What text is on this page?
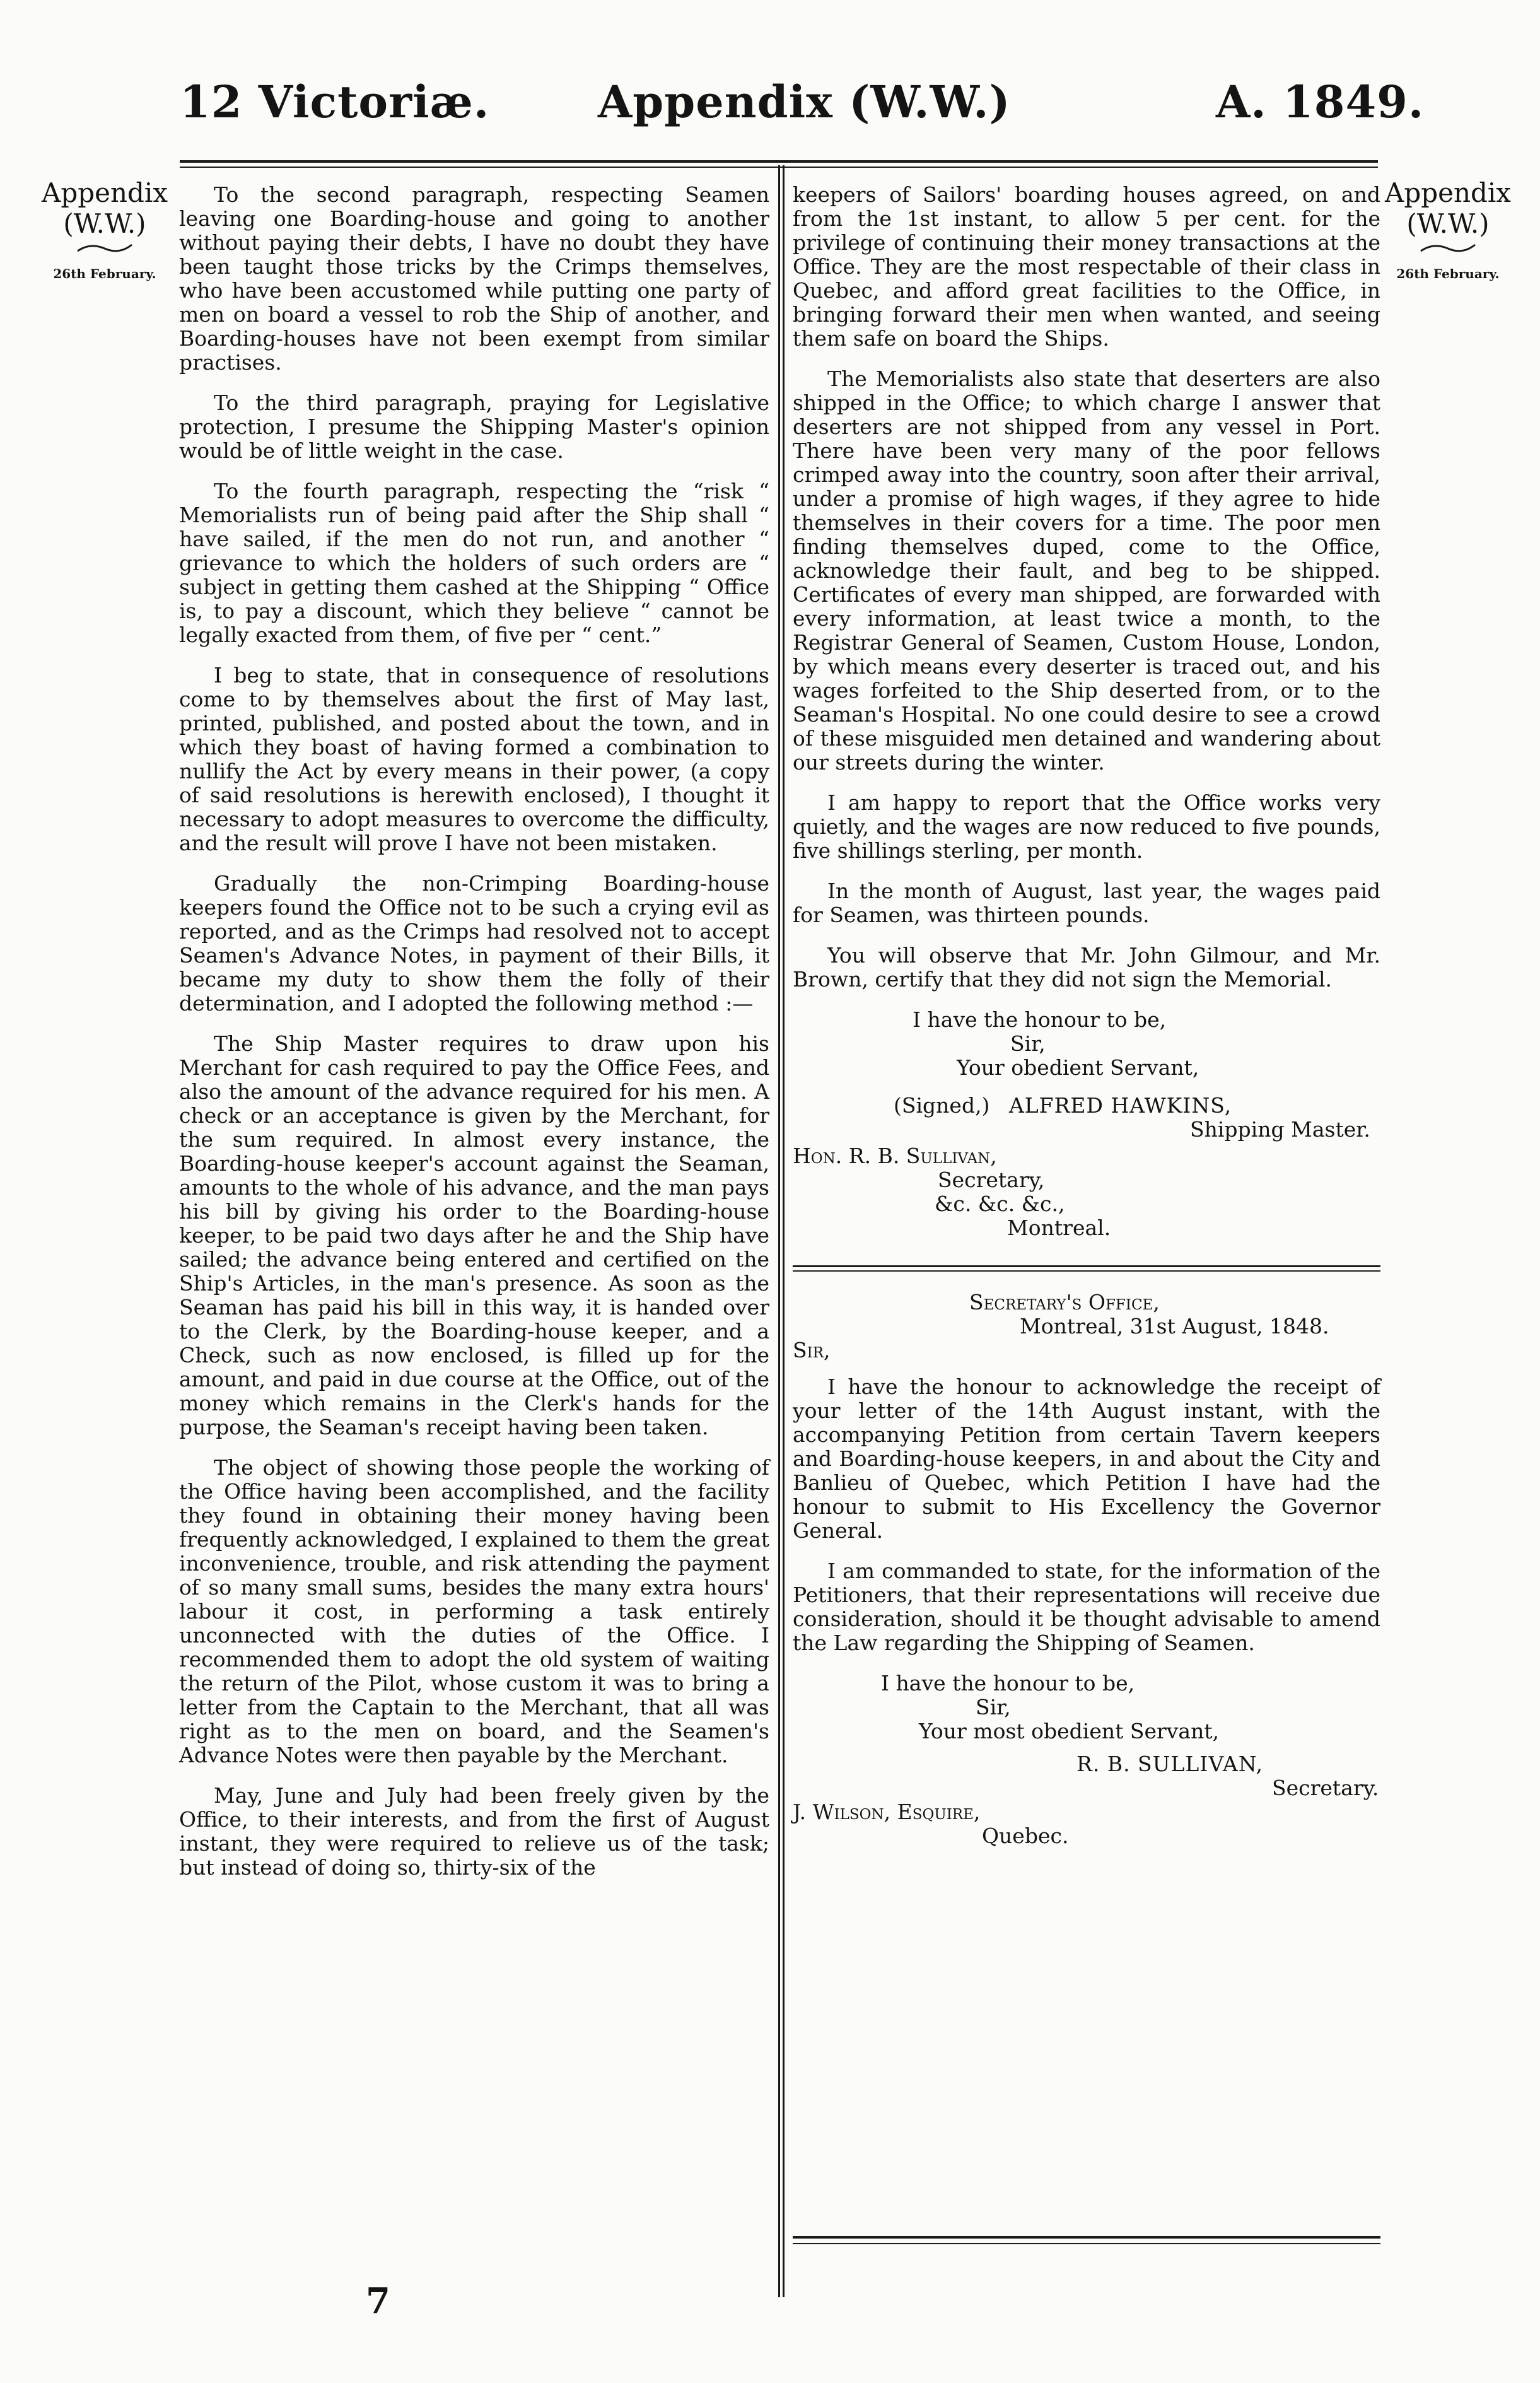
12 Victoriæ. Appendix (W.W.)	A. 1849.
Appendix
(W.W.)
26th February.
Appendix
(W.W.)
26th February.

To the second paragraph, respecting Seamen leaving one Boarding-house and going to another without paying their debts, I have no doubt they have been taught those tricks by the Crimps themselves, who have been accustomed while putting one party of men on board a vessel to rob the Ship of another, and Boarding-houses have not been exempt from similar practises.

To the third paragraph, praying for Legislative protection, I presume the Shipping Master's opinion would be of little weight in the case.

To the fourth paragraph, respecting the “risk “ Memorialists run of being paid after the Ship shall “ have sailed, if the men do not run, and another “ grievance to which the holders of such orders are “ subject in getting them cashed at the Shipping “ Office is, to pay a discount, which they believe “ cannot be legally exacted from them, of five per “ cent.”

I beg to state, that in consequence of resolutions come to by themselves about the first of May last, printed, published, and posted about the town, and in which they boast of having formed a combination to nullify the Act by every means in their power, (a copy of said resolutions is herewith enclosed), I thought it necessary to adopt measures to overcome the difficulty, and the result will prove I have not been mistaken.

Gradually the non-Crimping Boarding-house keepers found the Office not to be such a crying evil as reported, and as the Crimps had resolved not to accept Seamen's Advance Notes, in payment of their Bills, it became my duty to show them the folly of their determination, and I adopted the following method :—

The Ship Master requires to draw upon his Merchant for cash required to pay the Office Fees, and also the amount of the advance required for his men. A check or an acceptance is given by the Merchant, for the sum required. In almost every instance, the Boarding-house keeper's account against the Seaman, amounts to the whole of his advance, and the man pays his bill by giving his order to the Boarding-house keeper, to be paid two days after he and the Ship have sailed; the advance being entered and certified on the Ship's Articles, in the man's presence. As soon as the Seaman has paid his bill in this way, it is handed over to the Clerk, by the Boarding-house keeper, and a Check, such as now enclosed, is filled up for the amount, and paid in due course at the Office, out of the money which remains in the Clerk's hands for the purpose, the Seaman's receipt having been taken.

The object of showing those people the working of the Office having been accomplished, and the facility they found in obtaining their money having been frequently acknowledged, I explained to them the great inconvenience, trouble, and risk attending the payment of so many small sums, besides the many extra hours' labour it cost, in performing a task entirely unconnected with the duties of the Office. I recommended them to adopt the old system of waiting the return of the Pilot, whose custom it was to bring a letter from the Captain to the Merchant, that all was right as to the men on board, and the Seamen's Advance Notes were then payable by the Merchant.

May, June and July had been freely given by the Office, to their interests, and from the first of August instant, they were required to relieve us of the task; but instead of doing so, thirty-six of the

keepers of Sailors' boarding houses agreed, on and from the 1st instant, to allow 5 per cent. for the privilege of continuing their money transactions at the Office. They are the most respectable of their class in Quebec, and afford great facilities to the Office, in bringing forward their men when wanted, and seeing them safe on board the Ships.

The Memorialists also state that deserters are also shipped in the Office; to which charge I answer that deserters are not shipped from any vessel in Port. There have been very many of the poor fellows crimped away into the country, soon after their arrival, under a promise of high wages, if they agree to hide themselves in their covers for a time. The poor men finding themselves duped, come to the Office, acknowledge their fault, and beg to be shipped. Certificates of every man shipped, are forwarded with every information, at least twice a month, to the Registrar General of Seamen, Custom House, London, by which means every deserter is traced out, and his wages forfeited to the Ship deserted from, or to the Seaman's Hospital. No one could desire to see a crowd of these misguided men detained and wandering about our streets during the winter.

I am happy to report that the Office works very quietly, and the wages are now reduced to five pounds, five shillings sterling, per month.

In the month of August, last year, the wages paid for Seamen, was thirteen pounds.

You will observe that Mr. John Gilmour, and Mr. Brown, certify that they did not sign the Memorial.

I have the honour to be,
Sir,
Your obedient Servant,
(Signed,) ALFRED HAWKINS,
Shipping Master.
Hon. R. B. Sullivan,
Secretary,
&c. &c. &c.,
Montreal.
Secretary's Office,
Montreal, 31st August, 1848.
Sir,

I have the honour to acknowledge the receipt of your letter of the 14th August instant, with the accompanying Petition from certain Tavern keepers and Boarding-house keepers, in and about the City and Banlieu of Quebec, which Petition I have had the honour to submit to His Excellency the Governor General.

I am commanded to state, for the information of the Petitioners, that their representations will receive due consideration, should it be thought advisable to amend the Law regarding the Shipping of Seamen.

I have the honour to be,
Sir,
Your most obedient Servant,
R. B. SULLIVAN,
Secretary.
J. Wilson, Esquire,
Quebec.
7
